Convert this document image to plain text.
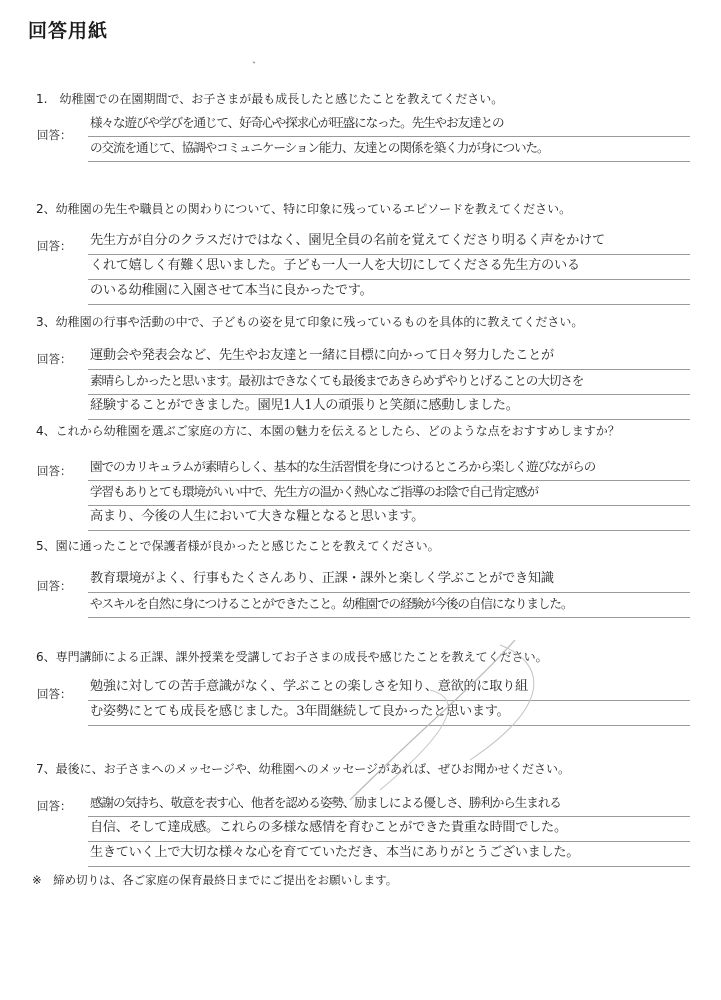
回答用紙
1.　幼稚園での在園期間で、お子さまが最も成長したと感じたことを教えてください。
回答：
様々な遊びや学びを通じて、好奇心や探求心が旺盛になった。先生やお友達との
の交流を通じて、協調やコミュニケーション能力、友達との関係を築く力が身についた。
2、幼稚園の先生や職員との関わりについて、特に印象に残っているエピソードを教えてください。
回答： 先生方が自分のクラスだけではなく、園児全員の名前を覚えてくださり明るく声をかけて
くれて嬉しく有難く思いました。子ども一人一人を大切にしてくださる先生方のいる
のいる幼稚園に入園させて本当に良かったです。
3、幼稚園の行事や活動の中で、子どもの姿を見て印象に残っているものを具体的に教えてください。
回答： 運動会や発表会など、先生やお友達と一緒に目標に向かって日々努力したことが
素晴らしかったと思います。最初はできなくても最後まであきらめずやりとげることの大切さを
経験することができました。園児1人1人の頑張りと笑顔に感動しました。
4、これから幼稚園を選ぶご家庭の方に、本園の魅力を伝えるとしたら、どのような点をおすすめしますか？
回答： 園でのカリキュラムが素晴らしく、基本的な生活習慣を身につけるところから楽しく遊びながらの
学習もありとても環境がいい中で、先生方の温かく熱心なご指導のお陰で自己肯定感が
高まり、今後の人生において大きな糧となると思います。
5、園に通ったことで保護者様が良かったと感じたことを教えてください。
回答： 教育環境がよく、行事もたくさんあり、正課・課外と楽しく学ぶことができ知識
やスキルを自然に身につけることができたこと。幼稚園での経験が今後の自信になりました。
6、専門講師による正課、課外授業を受講してお子さまの成長や感じたことを教えてください。
回答： 勉強に対しての苦手意識がなく、学ぶことの楽しさを知り、意欲的に取り組
む姿勢にとても成長を感じました。3年間継続して良かったと思います。
7、最後に、お子さまへのメッセージや、幼稚園へのメッセージがあれば、ぜひお聞かせください。
回答： 感謝の気持ち、敬意を表す心、他者を認める姿勢、励ましによる優しさ、勝利から生まれる
自信、そして達成感。これらの多様な感情を育むことができた貴重な時間でした。
生きていく上で大切な様々な心を育てていただき、本当にありがとうございました。
※　締め切りは、各ご家庭の保育最終日までにご提出をお願いします。
